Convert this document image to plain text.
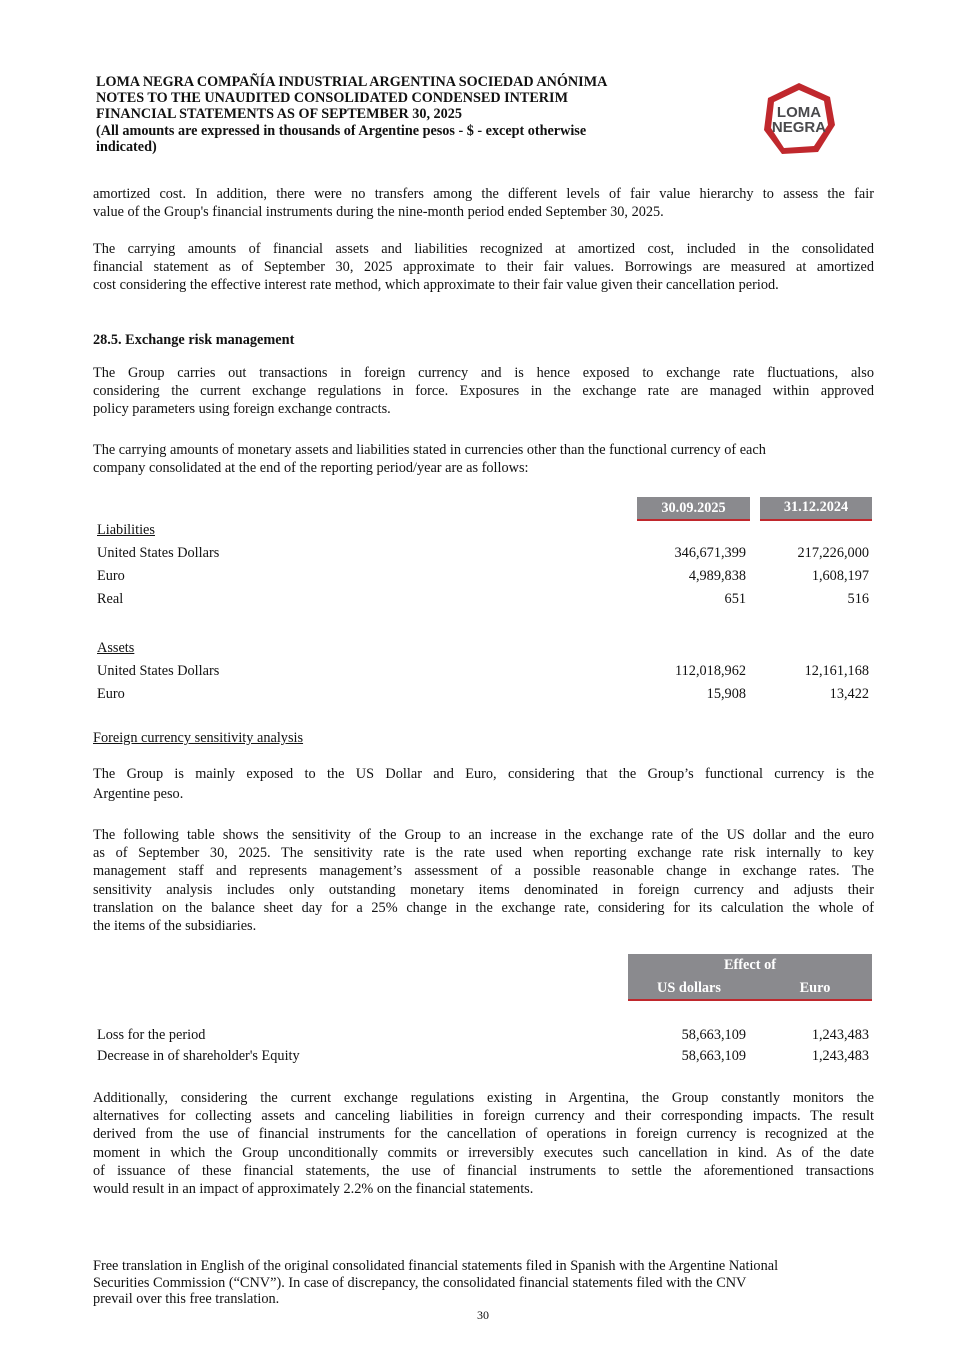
LOMA NEGRA COMPAÑÍA INDUSTRIAL ARGENTINA SOCIEDAD ANÓNIMA
NOTES TO THE UNAUDITED CONSOLIDATED CONDENSED INTERIM
FINANCIAL STATEMENTS AS OF SEPTEMBER 30, 2025
(All amounts are expressed in thousands of Argentine pesos - $ - except otherwise
indicated)
LOMA
NEGRA
amortized cost. In addition, there were no transfers among the different levels of fair value hierarchy to assess the fair
value of the Group's financial instruments during the nine-month period ended September 30, 2025.
The carrying amounts of financial assets and liabilities recognized at amortized cost, included in the consolidated
financial statement as of September 30, 2025 approximate to their fair values. Borrowings are measured at amortized
cost considering the effective interest rate method, which approximate to their fair value given their cancellation period.
28.5. Exchange risk management
The Group carries out transactions in foreign currency and is hence exposed to exchange rate fluctuations, also
considering the current exchange regulations in force. Exposures in the exchange rate are managed within approved
policy parameters using foreign exchange contracts.
The carrying amounts of monetary assets and liabilities stated in currencies other than the functional currency of each
company consolidated at the end of the reporting period/year are as follows:
30.09.2025	31.12.2024
Liabilities
United States Dollars	346,671,399	217,226,000
Euro	4,989,838	1,608,197
Real	651	516
Assets
United States Dollars	112,018,962	12,161,168
Euro	15,908	13,422
Foreign currency sensitivity analysis
The Group is mainly exposed to the US Dollar and Euro, considering that the Group’s functional currency is the
Argentine peso.
The following table shows the sensitivity of the Group to an increase in the exchange rate of the US dollar and the euro
as of September 30, 2025. The sensitivity rate is the rate used when reporting exchange rate risk internally to key
management staff and represents management’s assessment of a possible reasonable change in exchange rates. The
sensitivity analysis includes only outstanding monetary items denominated in foreign currency and adjusts their
translation on the balance sheet day for a 25% change in the exchange rate, considering for its calculation the whole of
the items of the subsidiaries.
Effect of
US dollars	Euro
Loss for the period	58,663,109	1,243,483
Decrease in of shareholder's Equity	58,663,109	1,243,483
Additionally, considering the current exchange regulations existing in Argentina, the Group constantly monitors the
alternatives for collecting assets and canceling liabilities in foreign currency and their corresponding impacts. The result
derived from the use of financial instruments for the cancellation of operations in foreign currency is recognized at the
moment in which the Group unconditionally commits or irreversibly executes such cancellation in kind. As of the date
of issuance of these financial statements, the use of financial instruments to settle the aforementioned transactions
would result in an impact of approximately 2.2% on the financial statements.
Free translation in English of the original consolidated financial statements filed in Spanish with the Argentine National
Securities Commission (“CNV”). In case of discrepancy, the consolidated financial statements filed with the CNV
prevail over this free translation.
30
